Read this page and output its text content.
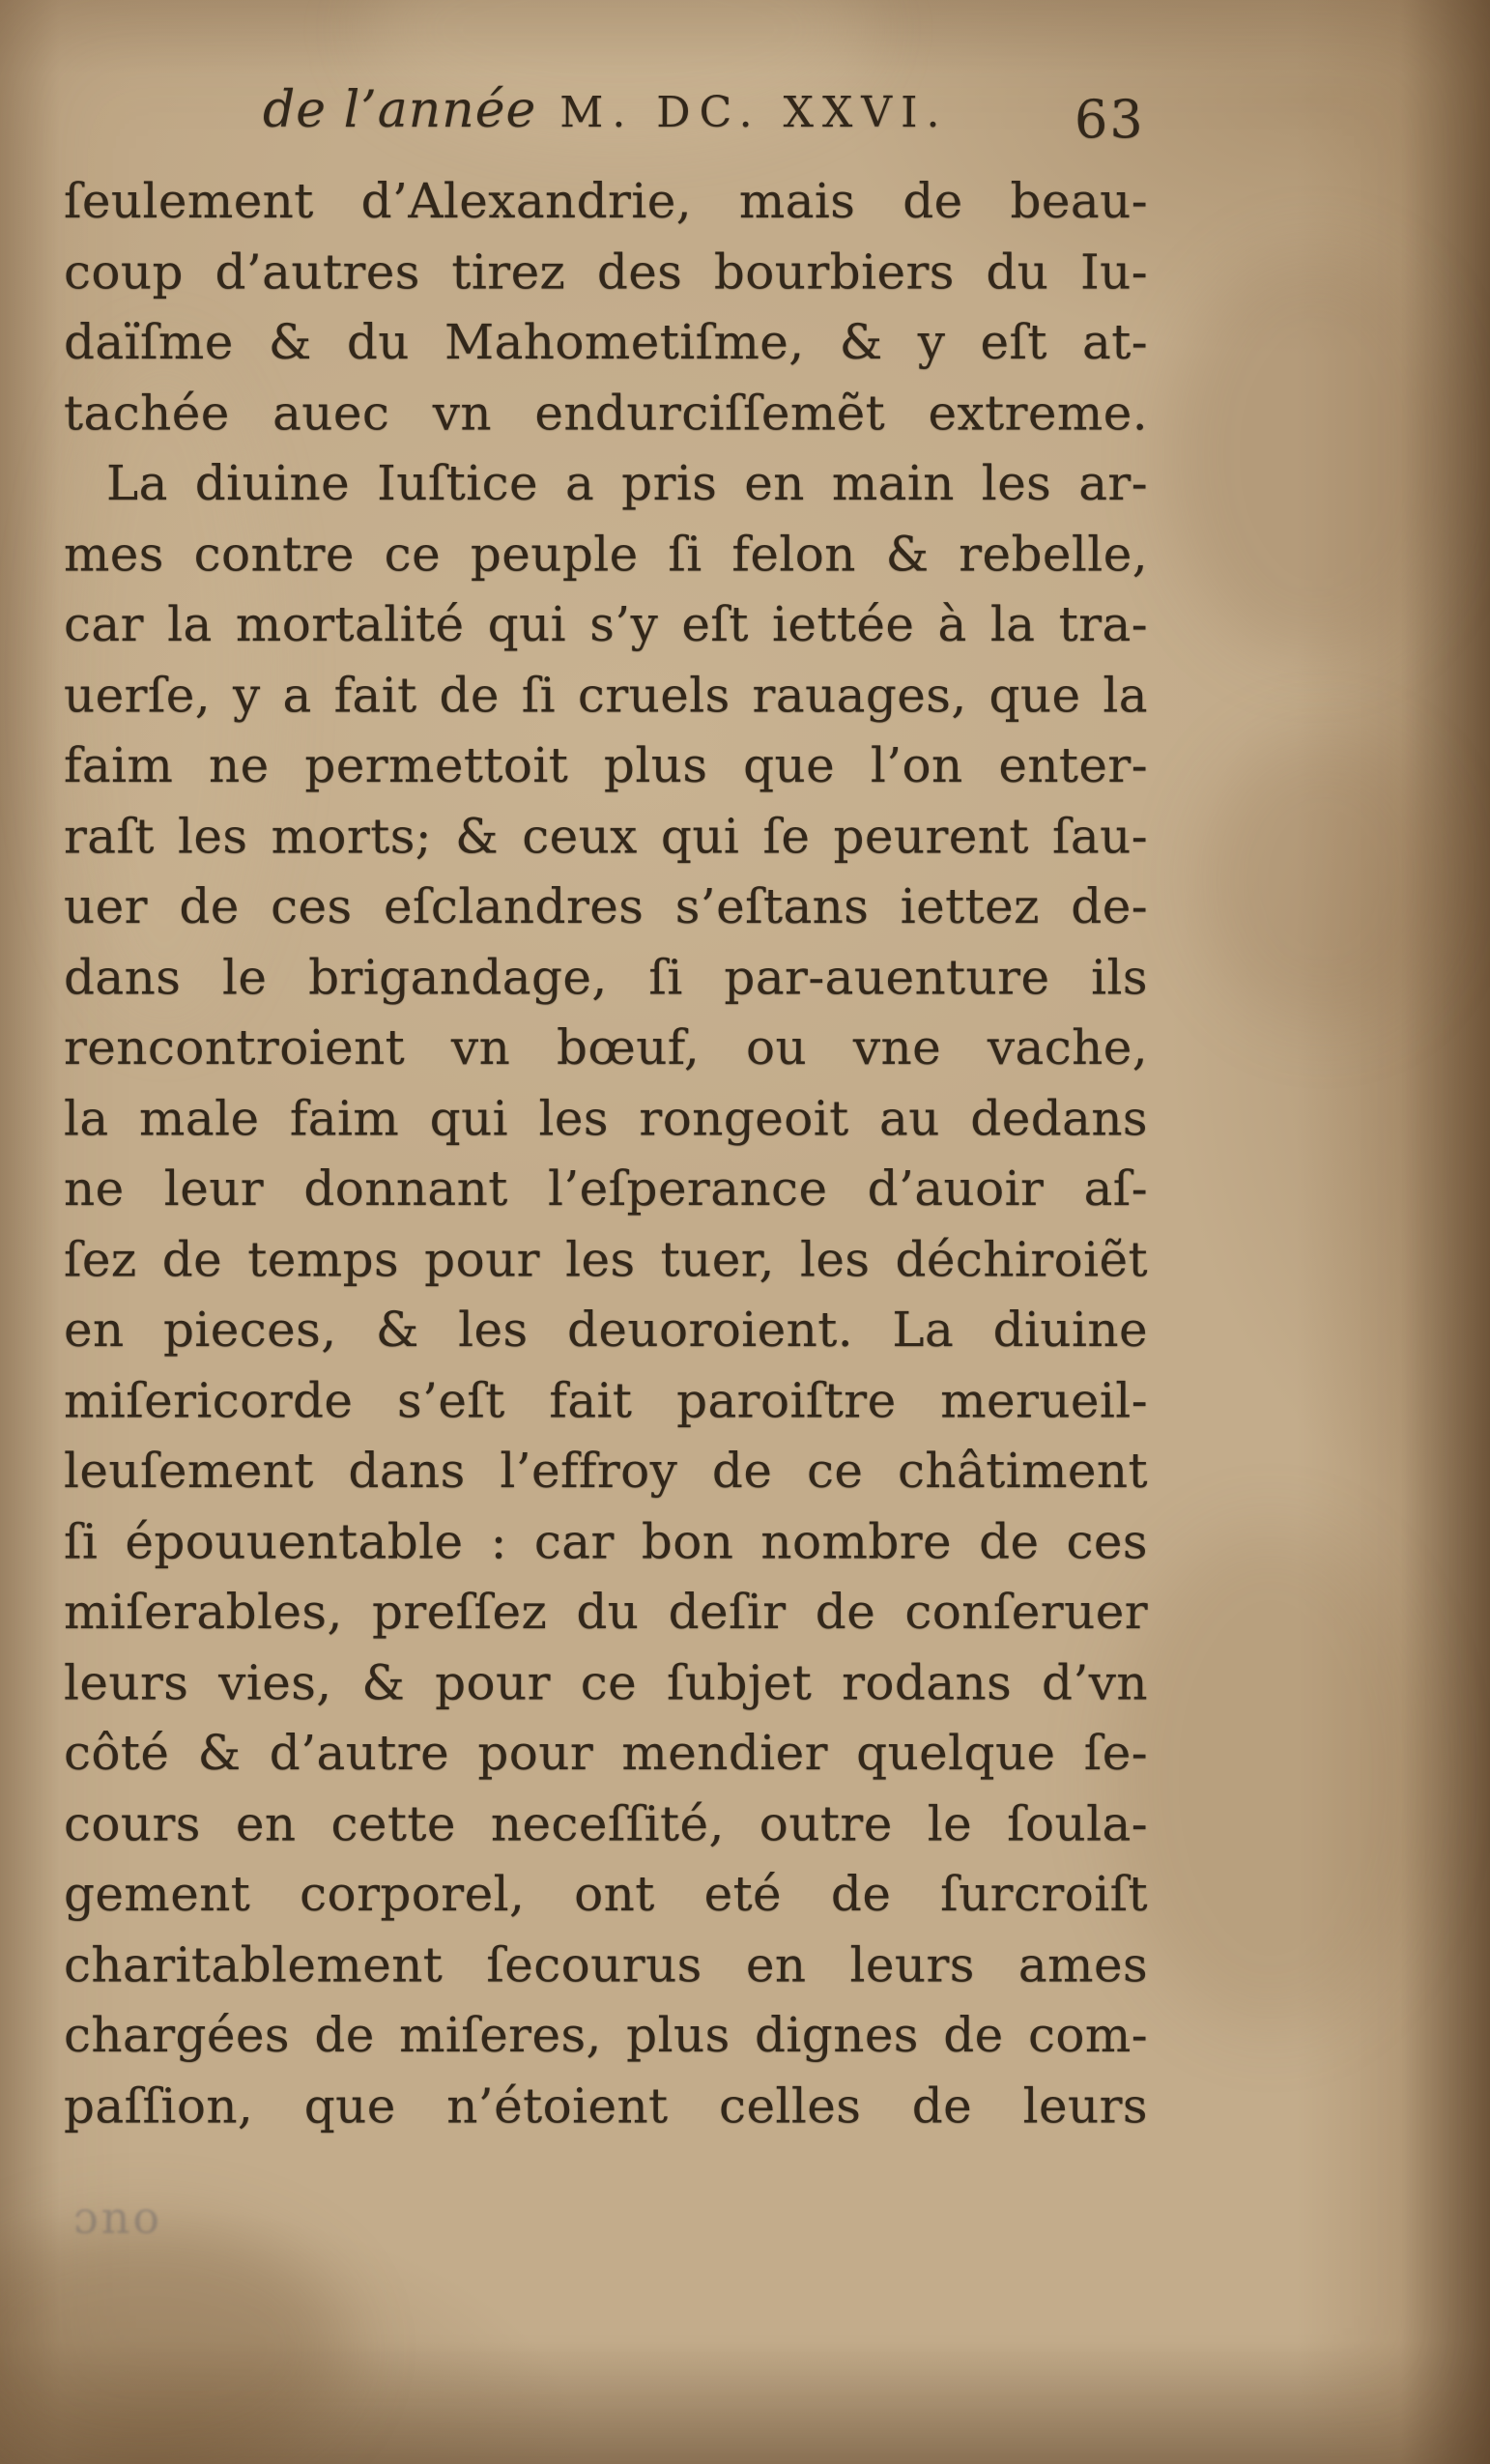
de l’année M. DC. XXVI. 63
ſeulement d’Alexandrie, mais de beau-
coup d’autres tirez des bourbiers du Iu-
daïſme & du Mahometiſme, & y eſt at-
tachée auec vn endurciſſemẽt extreme.
La diuine Iuſtice a pris en main les ar-
mes contre ce peuple ſi felon & rebelle,
car la mortalité qui s’y eſt iettée à la tra-
uerſe, y a fait de ſi cruels rauages, que la
faim ne permettoit plus que l’on enter-
raſt les morts; & ceux qui ſe peurent ſau-
uer de ces eſclandres s’eſtans iettez de-
dans le brigandage, ſi par-auenture ils
rencontroient vn bœuf, ou vne vache,
la male faim qui les rongeoit au dedans
ne leur donnant l’eſperance d’auoir aſ-
ſez de temps pour les tuer, les déchiroiẽt
en pieces, & les deuoroient. La diuine
miſericorde s’eſt fait paroiſtre merueil-
leuſement dans l’effroy de ce châtiment
ſi épouuentable : car bon nombre de ces
miſerables, preſſez du deſir de conſeruer
leurs vies, & pour ce ſubjet rodans d’vn
côté & d’autre pour mendier quelque ſe-
cours en cette neceſſité, outre le ſoula-
gement corporel, ont eté de ſurcroiſt
charitablement ſecourus en leurs ames
chargées de miſeres, plus dignes de com-
paſſion, que n’étoient celles de leurs
ɔno
